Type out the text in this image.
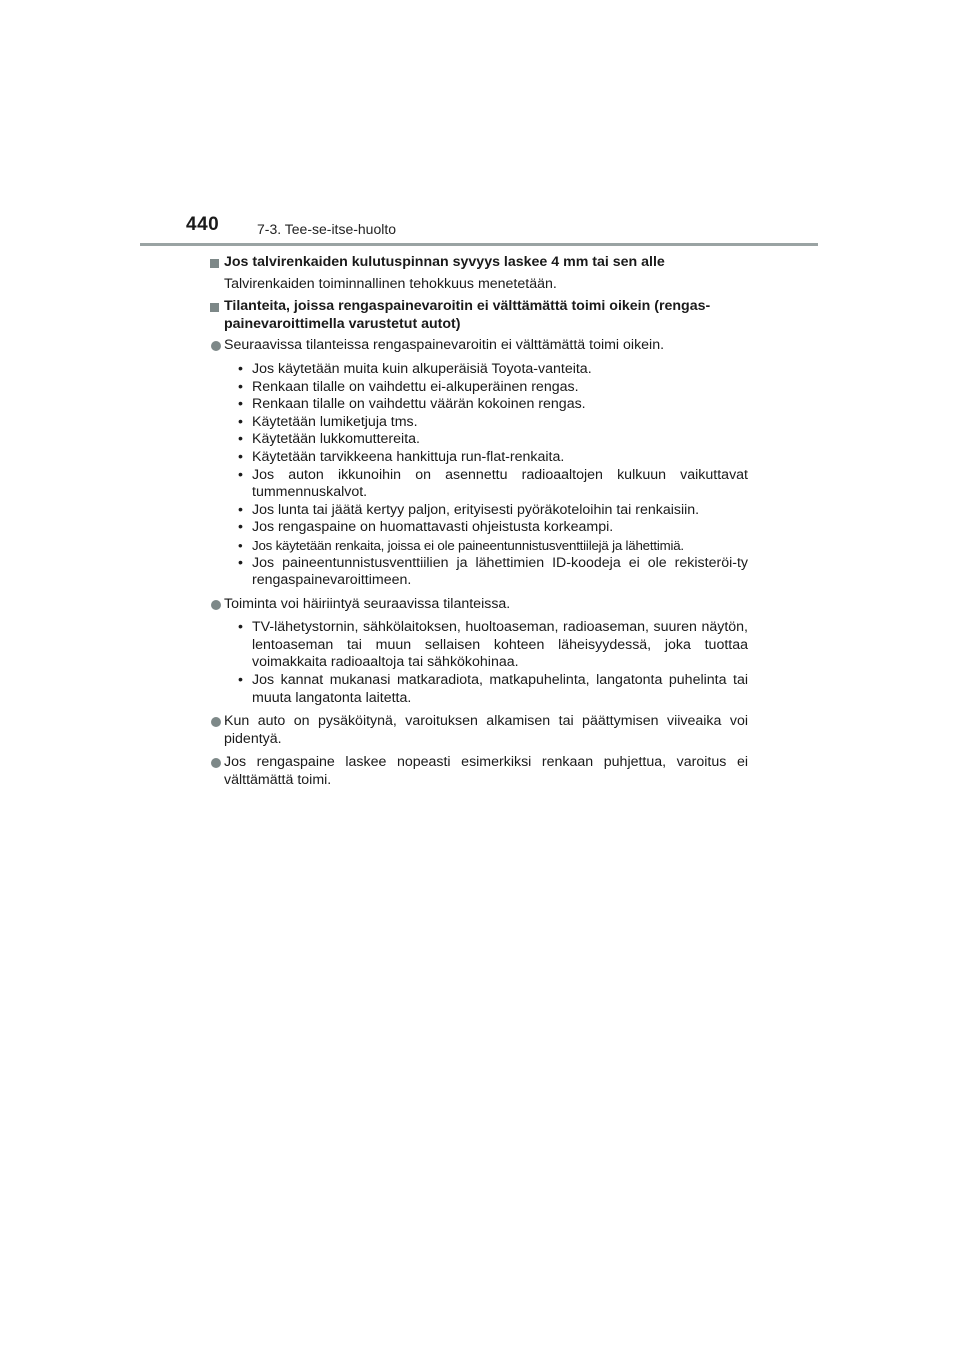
440	7-3. Tee-se-itse-huolto
Jos talvirenkaiden kulutuspinnan syvyys laskee 4 mm tai sen alle
Talvirenkaiden toiminnallinen tehokkuus menetetään.
Tilanteita, joissa rengaspainevaroitin ei välttämättä toimi oikein (rengas-painevaroittimella varustetut autot)
Seuraavissa tilanteissa rengaspainevaroitin ei välttämättä toimi oikein.
• Jos käytetään muita kuin alkuperäisiä Toyota-vanteita.
• Renkaan tilalle on vaihdettu ei-alkuperäinen rengas.
• Renkaan tilalle on vaihdettu väärän kokoinen rengas.
• Käytetään lumiketjuja tms.
• Käytetään lukkomuttereita.
• Käytetään tarvikkeena hankittuja run-flat-renkaita.
• Jos auton ikkunoihin on asennettu radioaaltojen kulkuun vaikuttavat tummennuskalvot.
• Jos lunta tai jäätä kertyy paljon, erityisesti pyöräkoteloihin tai renkaisiin.
• Jos rengaspaine on huomattavasti ohjeistusta korkeampi.
• Jos käytetään renkaita, joissa ei ole paineentunnistusventtiilejä ja lähettimiä.
• Jos paineentunnistusventtiilien ja lähettimien ID-koodeja ei ole rekisteröi-ty rengaspainevaroittimeen.
Toiminta voi häiriintyä seuraavissa tilanteissa.
• TV-lähetystornin, sähkölaitoksen, huoltoaseman, radioaseman, suuren näytön, lentoaseman tai muun sellaisen kohteen läheisyydessä, joka tuottaa voimakkaita radioaaltoja tai sähkökohinaa.
• Jos kannat mukanasi matkaradiota, matkapuhelinta, langatonta puhelinta tai muuta langatonta laitetta.
Kun auto on pysäköitynä, varoituksen alkamisen tai päättymisen viiveaika voi pidentyä.
Jos rengaspaine laskee nopeasti esimerkiksi renkaan puhjettua, varoitus ei välttämättä toimi.
